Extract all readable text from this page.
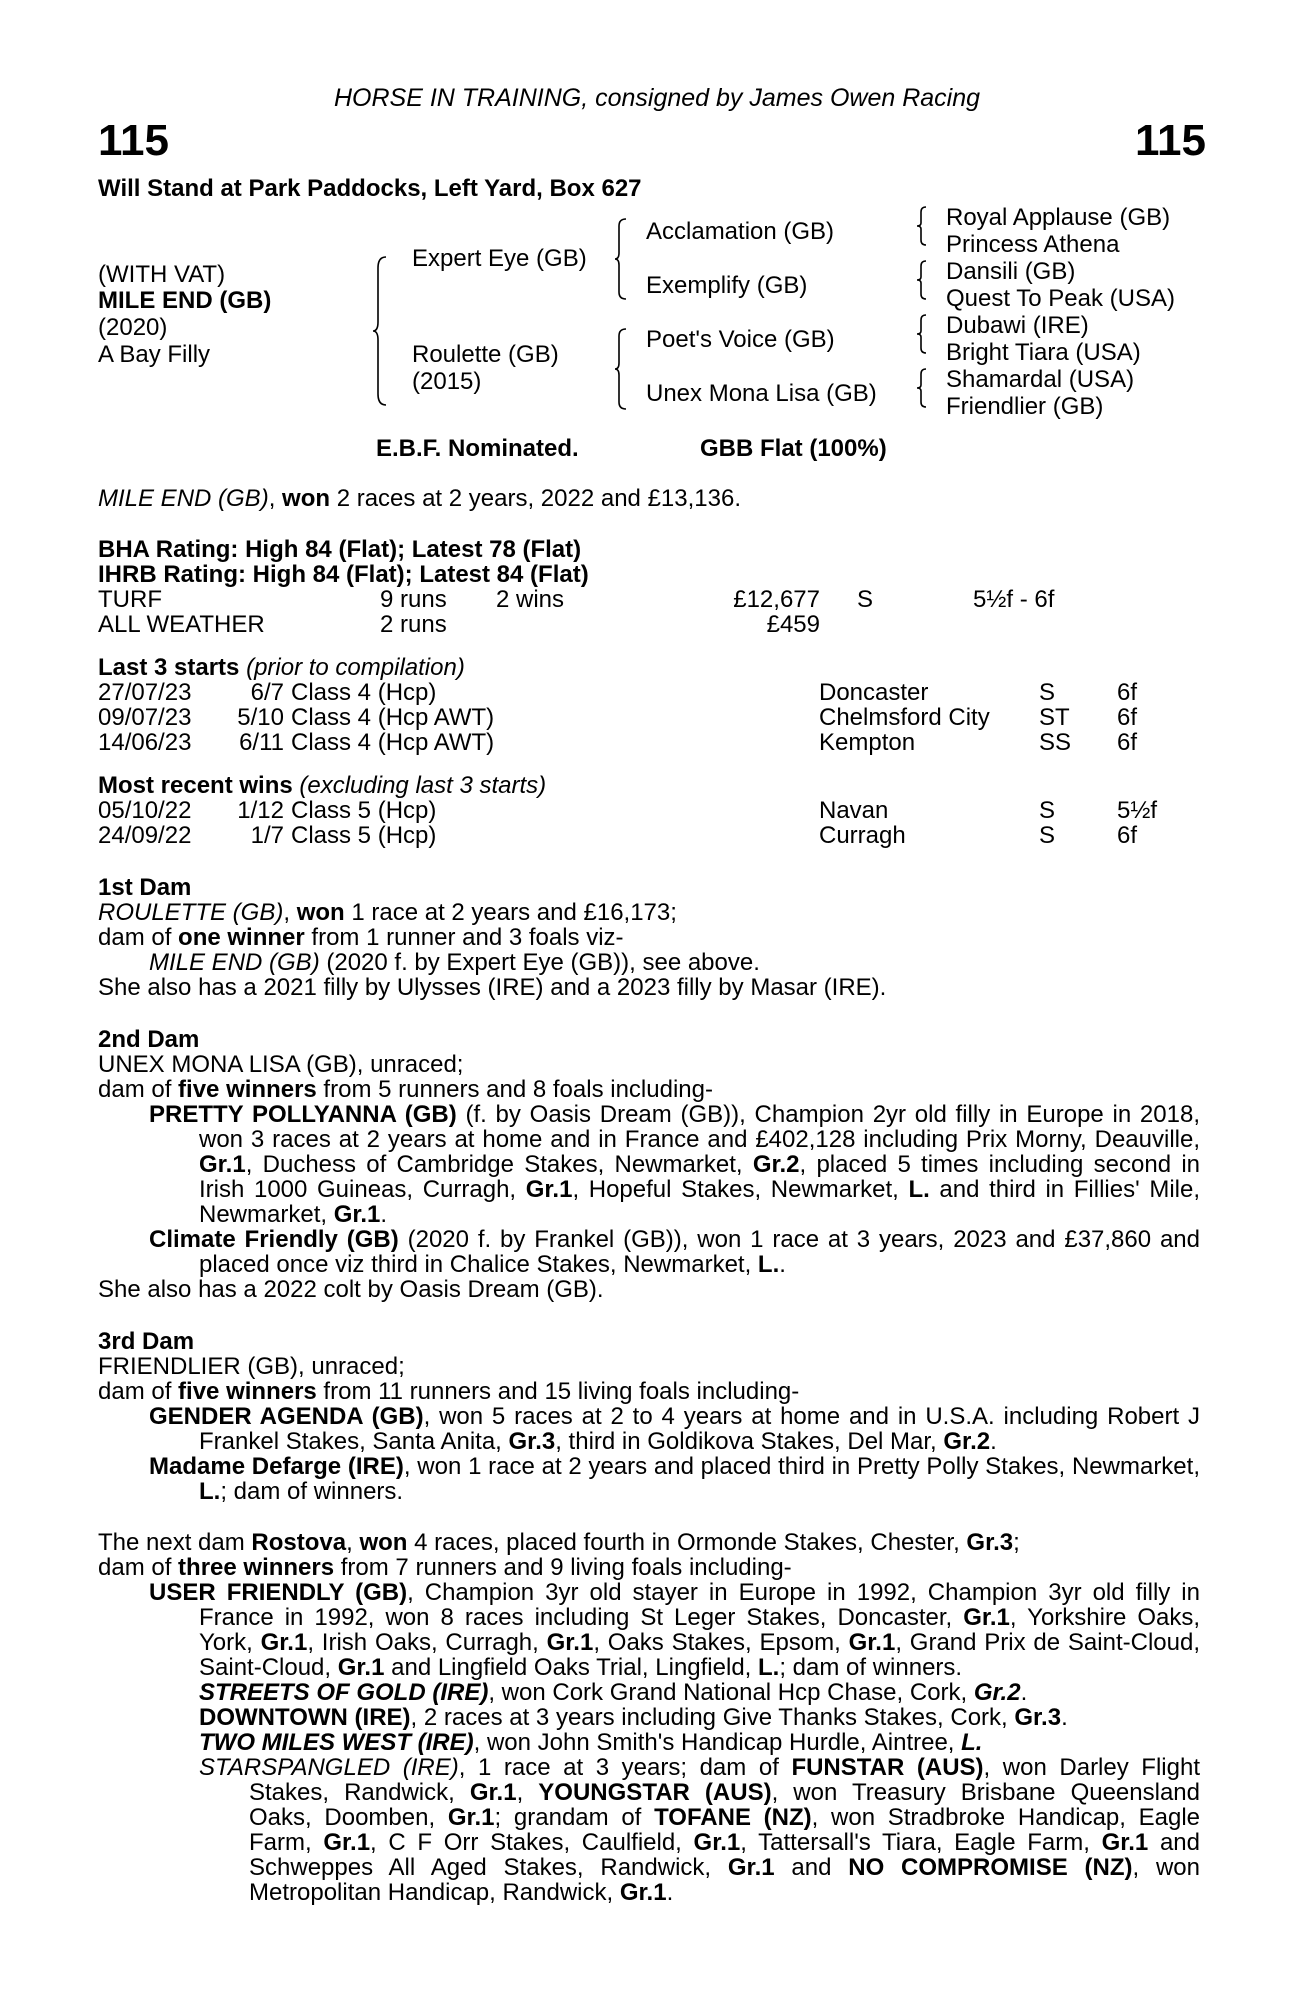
HORSE IN TRAINING, consigned by James Owen Racing
115	115
Will Stand at Park Paddocks, Left Yard, Box 627
(WITH VAT)
MILE END (GB)
(2020)
A Bay Filly
Expert Eye (GB)
Roulette (GB)
(2015)
Acclamation (GB)
Exemplify (GB)
Poet's Voice (GB)
Unex Mona Lisa (GB)
Royal Applause (GB)
Princess Athena
Dansili (GB)
Quest To Peak (USA)
Dubawi (IRE)
Bright Tiara (USA)
Shamardal (USA)
Friendlier (GB)
E.B.F. Nominated.	GBB Flat (100%)
MILE END (GB), won 2 races at 2 years, 2022 and £13,136.
BHA Rating: High 84 (Flat); Latest 78 (Flat)
IHRB Rating: High 84 (Flat); Latest 84 (Flat)
TURF	9 runs 2 wins	£12,677 S	5½f - 6f
ALL WEATHER	2 runs	£459
Last 3 starts (prior to compilation)
27/07/23 6/7 Class 4 (Hcp)	Doncaster	S	6f
09/07/23 5/10 Class 4 (Hcp AWT)	Chelmsford City ST 6f
14/06/23 6/11 Class 4 (Hcp AWT)	Kempton	SS 6f
Most recent wins (excluding last 3 starts)
05/10/22 1/12 Class 5 (Hcp)	Navan	S	5½f
24/09/22 1/7 Class 5 (Hcp)	Curragh	S	6f
1st Dam
ROULETTE (GB), won 1 race at 2 years and £16,173;
dam of one winner from 1 runner and 3 foals viz-
MILE END (GB) (2020 f. by Expert Eye (GB)), see above.
She also has a 2021 filly by Ulysses (IRE) and a 2023 filly by Masar (IRE).
2nd Dam
UNEX MONA LISA (GB), unraced;
dam of five winners from 5 runners and 8 foals including-
PRETTY POLLYANNA (GB) (f. by Oasis Dream (GB)), Champion 2yr old filly in Europe in 2018, won 3 races at 2 years at home and in France and £402,128 including Prix Morny, Deauville, Gr.1, Duchess of Cambridge Stakes, Newmarket, Gr.2, placed 5 times including second in Irish 1000 Guineas, Curragh, Gr.1, Hopeful Stakes, Newmarket, L. and third in Fillies' Mile, Newmarket, Gr.1.
Climate Friendly (GB) (2020 f. by Frankel (GB)), won 1 race at 3 years, 2023 and £37,860 and placed once viz third in Chalice Stakes, Newmarket, L..
She also has a 2022 colt by Oasis Dream (GB).
3rd Dam
FRIENDLIER (GB), unraced;
dam of five winners from 11 runners and 15 living foals including-
GENDER AGENDA (GB), won 5 races at 2 to 4 years at home and in U.S.A. including Robert J Frankel Stakes, Santa Anita, Gr.3, third in Goldikova Stakes, Del Mar, Gr.2.
Madame Defarge (IRE), won 1 race at 2 years and placed third in Pretty Polly Stakes, Newmarket, L.; dam of winners.
The next dam Rostova, won 4 races, placed fourth in Ormonde Stakes, Chester, Gr.3;
dam of three winners from 7 runners and 9 living foals including-
USER FRIENDLY (GB), Champion 3yr old stayer in Europe in 1992, Champion 3yr old filly in France in 1992, won 8 races including St Leger Stakes, Doncaster, Gr.1, Yorkshire Oaks, York, Gr.1, Irish Oaks, Curragh, Gr.1, Oaks Stakes, Epsom, Gr.1, Grand Prix de Saint-Cloud, Saint-Cloud, Gr.1 and Lingfield Oaks Trial, Lingfield, L.; dam of winners.
STREETS OF GOLD (IRE), won Cork Grand National Hcp Chase, Cork, Gr.2.
DOWNTOWN (IRE), 2 races at 3 years including Give Thanks Stakes, Cork, Gr.3.
TWO MILES WEST (IRE), won John Smith's Handicap Hurdle, Aintree, L.
STARSPANGLED (IRE), 1 race at 3 years; dam of FUNSTAR (AUS), won Darley Flight Stakes, Randwick, Gr.1, YOUNGSTAR (AUS), won Treasury Brisbane Queensland Oaks, Doomben, Gr.1; grandam of TOFANE (NZ), won Stradbroke Handicap, Eagle Farm, Gr.1, C F Orr Stakes, Caulfield, Gr.1, Tattersall's Tiara, Eagle Farm, Gr.1 and Schweppes All Aged Stakes, Randwick, Gr.1 and NO COMPROMISE (NZ), won Metropolitan Handicap, Randwick, Gr.1.
